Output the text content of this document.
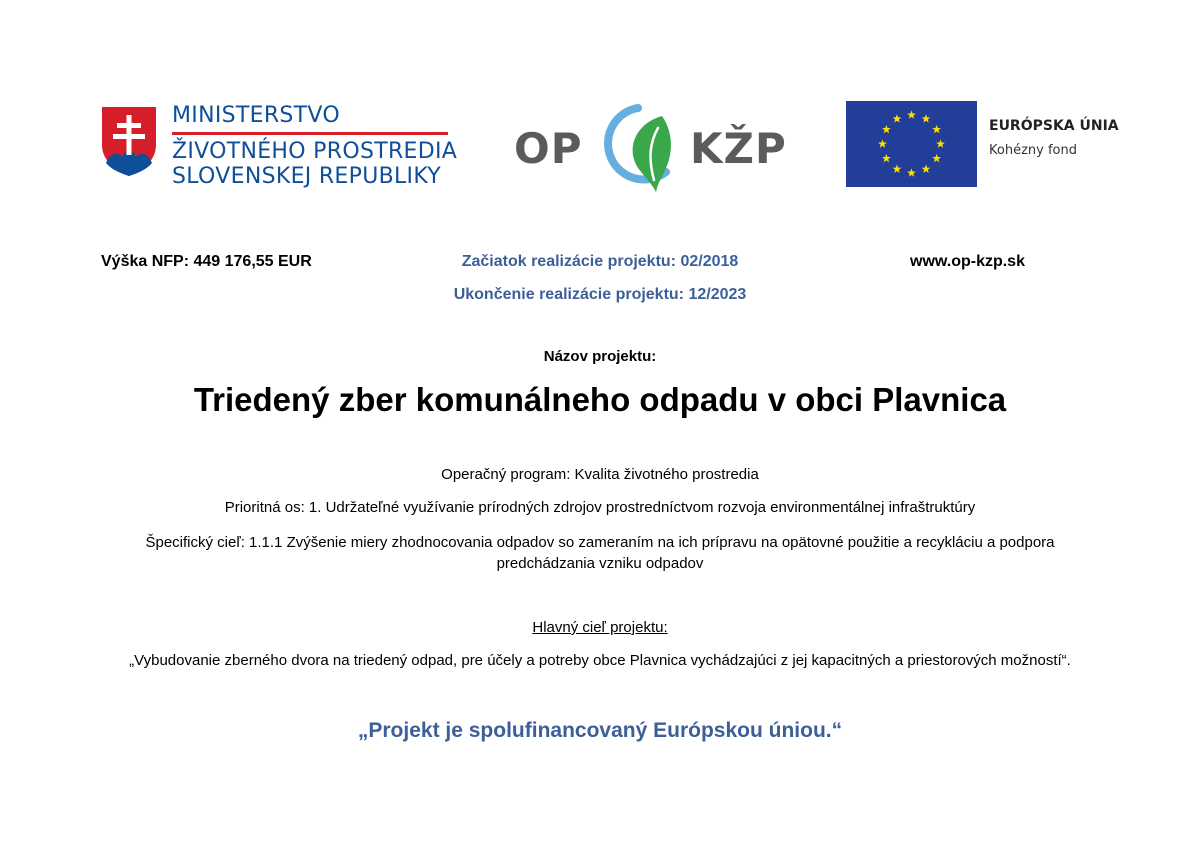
MINISTERSTVO
ŽIVOTNÉHO PROSTREDIA
SLOVENSKEJ REPUBLIKY
OP	KŽP	EURÓPSKA ÚNIA
Kohézny fond
Výška NFP: 449 176,55 EUR	Začiatok realizácie projektu: 02/2018	www.op-kzp.sk
Ukončenie realizácie projektu: 12/2023
Názov projektu:
Triedený zber komunálneho odpadu v obci Plavnica
Operačný program: Kvalita životného prostredia
Prioritná os: 1. Udržateľné využívanie prírodných zdrojov prostredníctvom rozvoja environmentálnej infraštruktúry
Špecifický cieľ: 1.1.1 Zvýšenie miery zhodnocovania odpadov so zameraním na ich prípravu na opätovné použitie a recykláciu a podpora predchádzania vzniku odpadov
Hlavný cieľ projektu:
„Vybudovanie zberného dvora na triedený odpad, pre účely a potreby obce Plavnica vychádzajúci z jej kapacitných a priestorových možností“.
„Projekt je spolufinancovaný Európskou úniou.“
